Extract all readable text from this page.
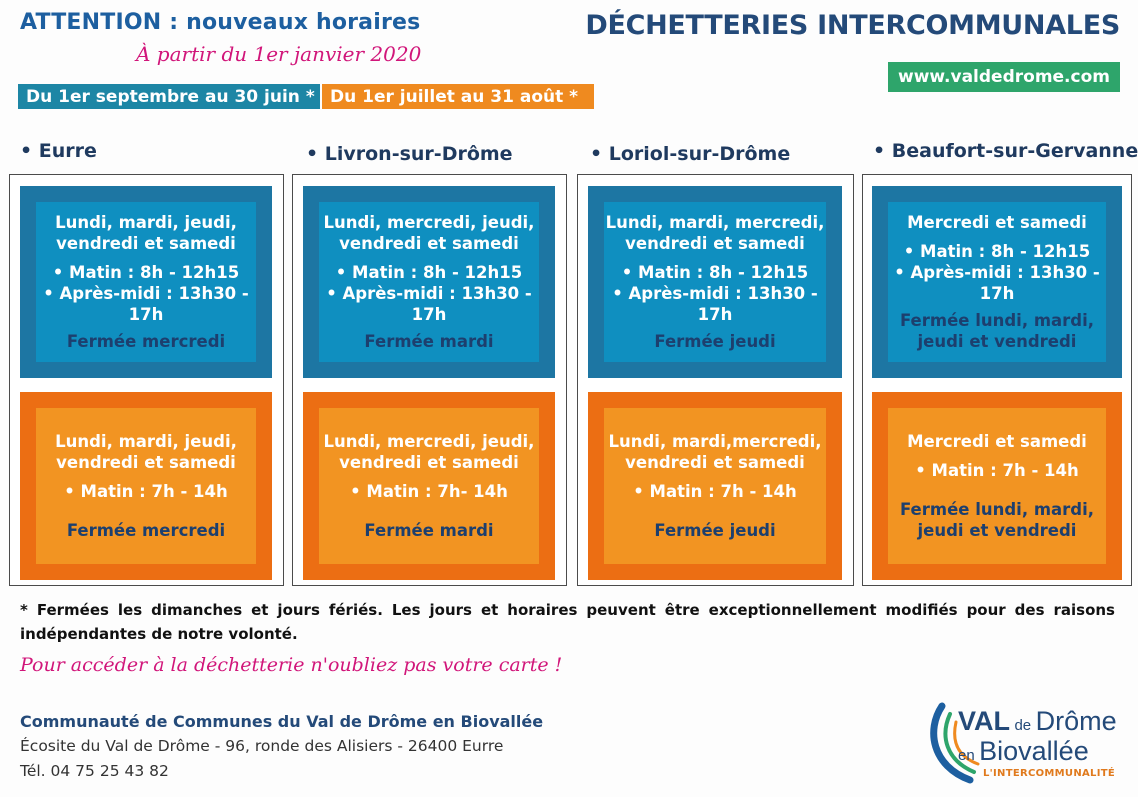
ATTENTION : nouveaux horaires
À partir du 1er janvier 2020
DÉCHETTERIES INTERCOMMUNALES
www.valdedrome.com
Du 1er septembre au 30 juin * Du 1er juillet au 31 août *
• Eurre	• Livron-sur-Drôme	• Loriol-sur-Drôme	• Beaufort-sur-Gervanne
Lundi, mardi, jeudi,
vendredi et samedi
• Matin : 8h - 12h15
• Après-midi : 13h30 - 17h
Fermée mercredi
Lundi, mercredi, jeudi,
vendredi et samedi
• Matin : 8h - 12h15
• Après-midi : 13h30 - 17h
Fermée mardi
Lundi, mardi, mercredi,
vendredi et samedi
• Matin : 8h - 12h15
• Après-midi : 13h30 - 17h
Fermée jeudi
Mercredi et samedi
• Matin : 8h - 12h15
• Après-midi : 13h30 - 17h
Fermée lundi, mardi,
jeudi et vendredi
Lundi, mardi, jeudi,
vendredi et samedi
• Matin : 7h - 14h
Fermée mercredi
Lundi, mercredi, jeudi,
vendredi et samedi
• Matin : 7h- 14h
Fermée mardi
Lundi, mardi,mercredi,
vendredi et samedi
• Matin : 7h - 14h
Fermée jeudi
Mercredi et samedi
• Matin : 7h - 14h
Fermée lundi, mardi,
jeudi et vendredi
* Fermées les dimanches et jours fériés. Les jours et horaires peuvent être exceptionnellement modifiés pour des raisons indépendantes de notre volonté.
Pour accéder à la déchetterie n'oubliez pas votre carte !
Communauté de Communes du Val de Drôme en Biovallée
Écosite du Val de Drôme - 96, ronde des Alisiers - 26400 Eurre
Tél. 04 75 25 43 82
VAL de Drôme
en Biovallée
L'INTERCOMMUNALITÉ
